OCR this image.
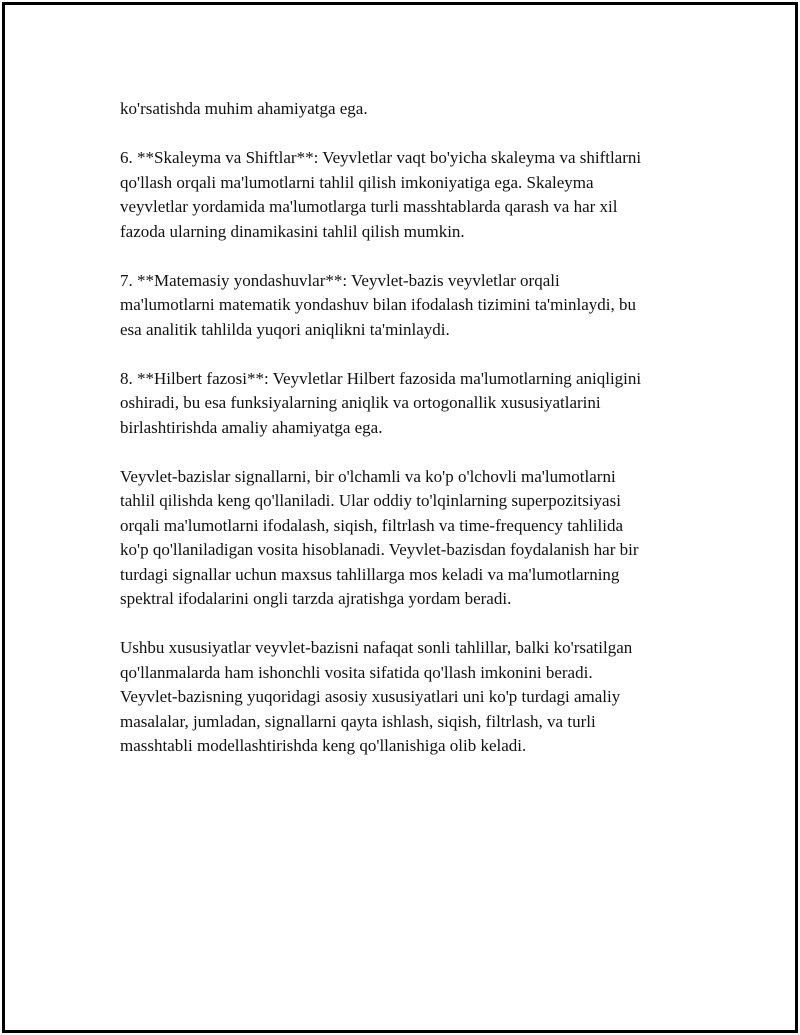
ko'rsatishda muhim ahamiyatga ega.

6. **Skaleyma va Shiftlar**: Veyvletlar vaqt bo'yicha skaleyma va shiftlarni
qo'llash orqali ma'lumotlarni tahlil qilish imkoniyatiga ega. Skaleyma
veyvletlar yordamida ma'lumotlarga turli masshtablarda qarash va har xil
fazoda ularning dinamikasini tahlil qilish mumkin.

7. **Matemasiy yondashuvlar**: Veyvlet-bazis veyvletlar orqali
ma'lumotlarni matematik yondashuv bilan ifodalash tizimini ta'minlaydi, bu
esa analitik tahlilda yuqori aniqlikni ta'minlaydi.

8. **Hilbert fazosi**: Veyvletlar Hilbert fazosida ma'lumotlarning aniqligini
oshiradi, bu esa funksiyalarning aniqlik va ortogonallik xususiyatlarini
birlashtirishda amaliy ahamiyatga ega.

Veyvlet-bazislar signallarni, bir o'lchamli va ko'p o'lchovli ma'lumotlarni
tahlil qilishda keng qo'llaniladi. Ular oddiy to'lqinlarning superpozitsiyasi
orqali ma'lumotlarni ifodalash, siqish, filtrlash va time-frequency tahlilida
ko'p qo'llaniladigan vosita hisoblanadi. Veyvlet-bazisdan foydalanish har bir
turdagi signallar uchun maxsus tahlillarga mos keladi va ma'lumotlarning
spektral ifodalarini ongli tarzda ajratishga yordam beradi.

Ushbu xususiyatlar veyvlet-bazisni nafaqat sonli tahlillar, balki ko'rsatilgan
qo'llanmalarda ham ishonchli vosita sifatida qo'llash imkonini beradi.
Veyvlet-bazisning yuqoridagi asosiy xususiyatlari uni ko'p turdagi amaliy
masalalar, jumladan, signallarni qayta ishlash, siqish, filtrlash, va turli
masshtabli modellashtirishda keng qo'llanishiga olib keladi.
